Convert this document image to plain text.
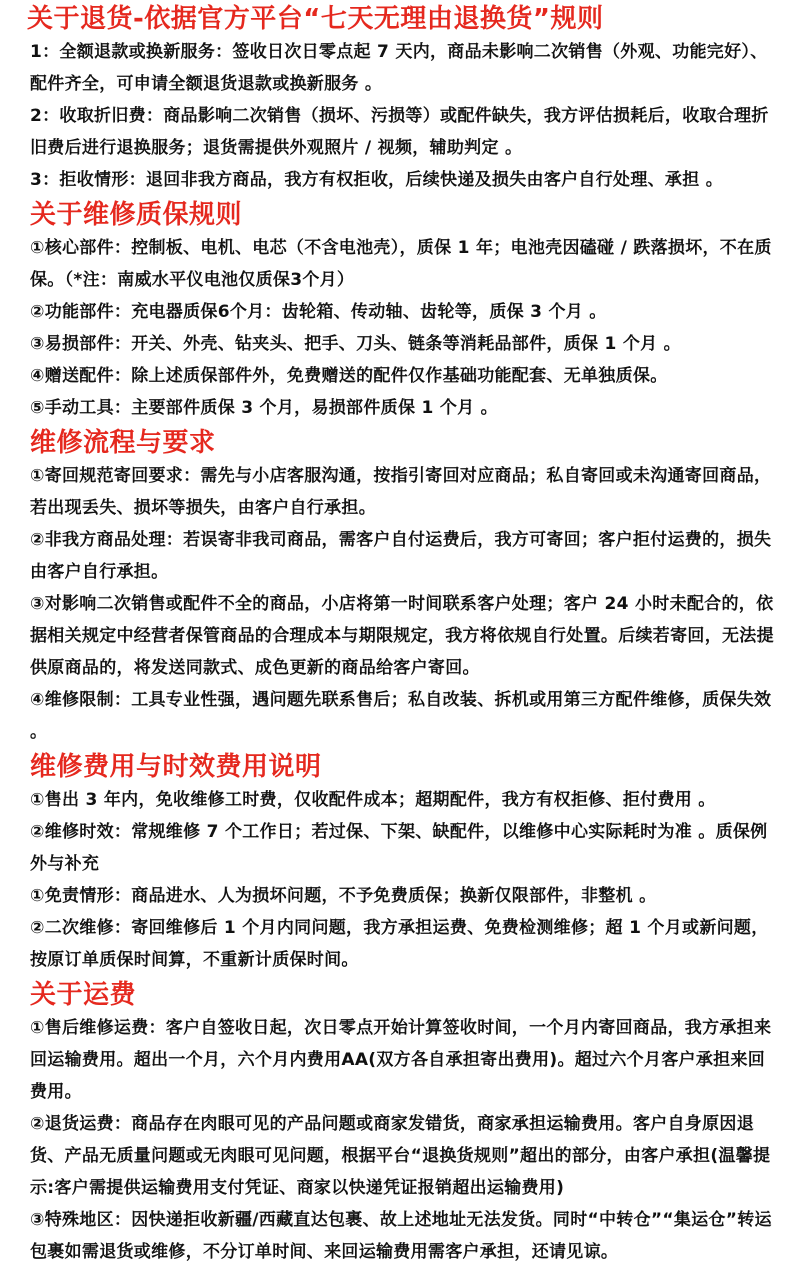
关于退货-依据官方平台“七天无理由退换货”规则

1：全额退款或换新服务：签收日次日零点起 7 天内，商品未影响二次销售（外观、功能完好）、配件齐全，可申请全额退货退款或换新服务 。

2：收取折旧费：商品影响二次销售（损坏、污损等）或配件缺失，我方评估损耗后，收取合理折旧费后进行退换服务；退货需提供外观照片 / 视频，辅助判定 。

3：拒收情形：退回非我方商品，我方有权拒收，后续快递及损失由客户自行处理、承担 。

关于维修质保规则

①核心部件：控制板、电机、电芯（不含电池壳），质保 1 年；电池壳因磕碰 / 跌落损坏，不在质保。（*注：南威水平仪电池仅质保3个月）

②功能部件：充电器质保6个月：齿轮箱、传动轴、齿轮等，质保 3 个月 。

③易损部件：开关、外壳、钻夹头、把手、刀头、链条等消耗品部件，质保 1 个月 。

④赠送配件：除上述质保部件外，免费赠送的配件仅作基础功能配套、无单独质保。

⑤手动工具：主要部件质保 3 个月，易损部件质保 1 个月 。

维修流程与要求

①寄回规范寄回要求：需先与小店客服沟通，按指引寄回对应商品；私自寄回或未沟通寄回商品，若出现丢失、损坏等损失，由客户自行承担。

②非我方商品处理：若误寄非我司商品，需客户自付运费后，我方可寄回；客户拒付运费的，损失由客户自行承担。

③对影响二次销售或配件不全的商品，小店将第一时间联系客户处理；客户 24 小时未配合的，依据相关规定中经营者保管商品的合理成本与期限规定，我方将依规自行处置。后续若寄回，无法提供原商品的，将发送同款式、成色更新的商品给客户寄回。

④维修限制：工具专业性强，遇问题先联系售后；私自改装、拆机或用第三方配件维修，质保失效 。

维修费用与时效费用说明

①售出 3 年内，免收维修工时费，仅收配件成本；超期配件，我方有权拒修、拒付费用 。

②维修时效：常规维修 7 个工作日；若过保、下架、缺配件，以维修中心实际耗时为准 。质保例外与补充

①免责情形：商品进水、人为损坏问题，不予免费质保；换新仅限部件，非整机 。

②二次维修：寄回维修后 1 个月内同问题，我方承担运费、免费检测维修；超 1 个月或新问题，按原订单质保时间算，不重新计质保时间。

关于运费

①售后维修运费：客户自签收日起，次日零点开始计算签收时间，一个月内寄回商品，我方承担来回运输费用。超出一个月，六个月内费用AA(双方各自承担寄出费用)。超过六个月客户承担来回费用。

②退货运费：商品存在肉眼可见的产品问题或商家发错货，商家承担运输费用。客户自身原因退货、产品无质量问题或无肉眼可见问题，根据平台“退换货规则”超出的部分，由客户承担(温馨提示:客户需提供运输费用支付凭证、商家以快递凭证报销超出运输费用)

③特殊地区：因快递拒收新疆/西藏直达包裹、故上述地址无法发货。同时“中转仓”“集运仓”转运包裹如需退货或维修，不分订单时间、来回运输费用需客户承担，还请见谅。
